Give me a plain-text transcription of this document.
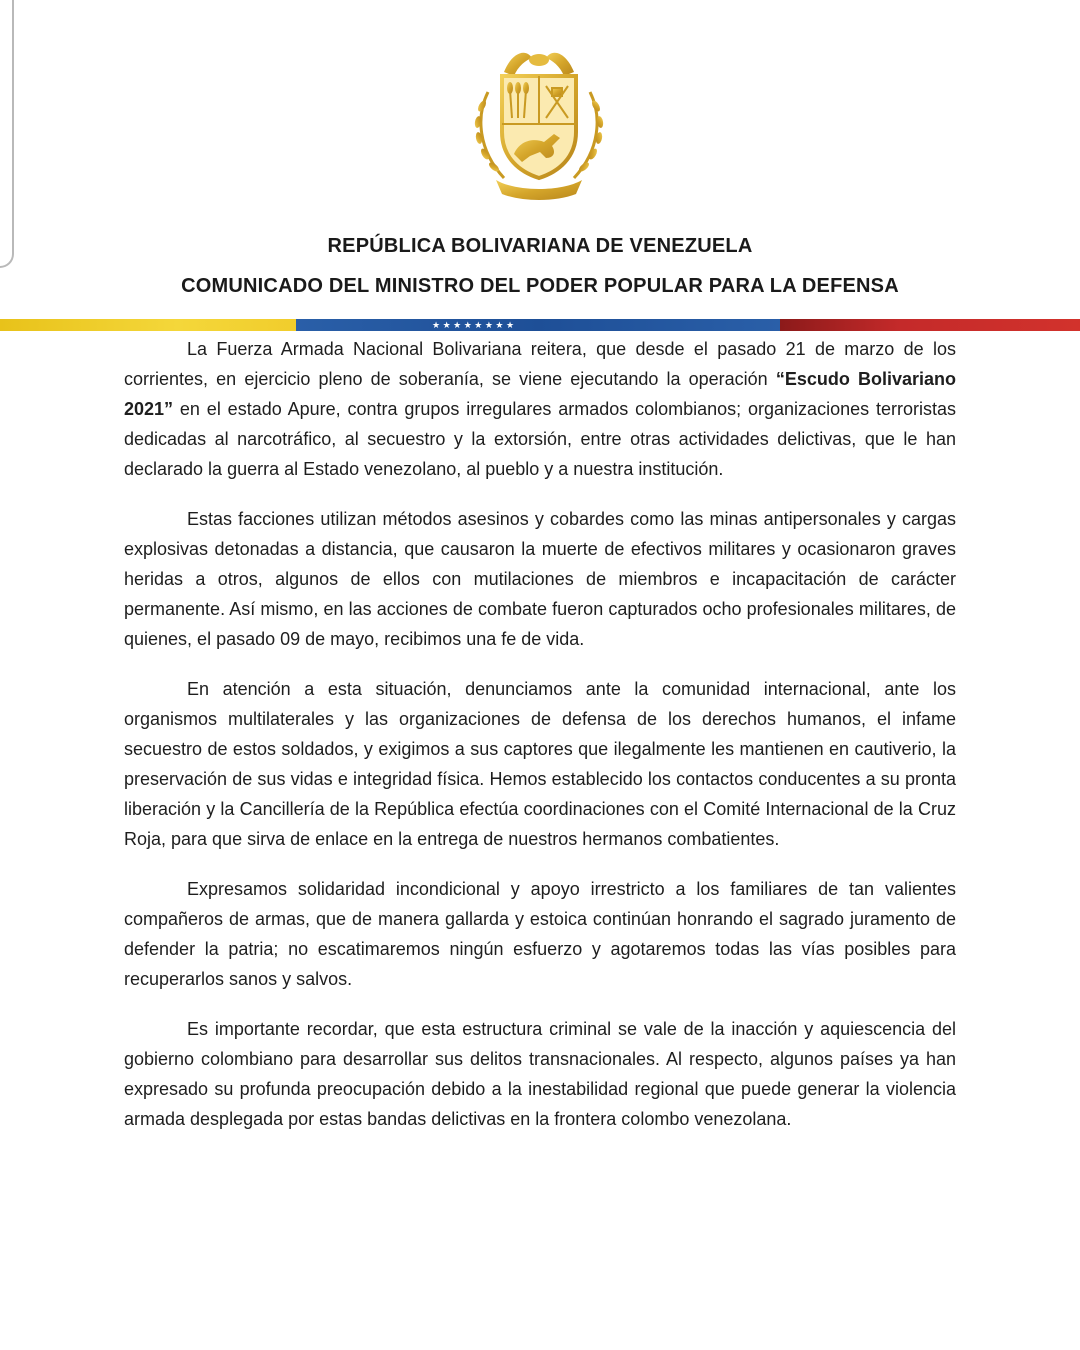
REPÚBLICA BOLIVARIANA DE VENEZUELA
COMUNICADO DEL MINISTRO DEL PODER POPULAR PARA LA DEFENSA
★ ★ ★ ★ ★ ★ ★ ★

La Fuerza Armada Nacional Bolivariana reitera, que desde el pasado 21 de marzo de los corrientes, en ejercicio pleno de soberanía, se viene ejecutando la operación “Escudo Bolivariano 2021” en el estado Apure, contra grupos irregulares armados colombianos; organizaciones terroristas dedicadas al narcotráfico, al secuestro y la extorsión, entre otras actividades delictivas, que le han declarado la guerra al Estado venezolano, al pueblo y a nuestra institución.

Estas facciones utilizan métodos asesinos y cobardes como las minas antipersonales y cargas explosivas detonadas a distancia, que causaron la muerte de efectivos militares y ocasionaron graves heridas a otros, algunos de ellos con mutilaciones de miembros e incapacitación de carácter permanente. Así mismo, en las acciones de combate fueron capturados ocho profesionales militares, de quienes, el pasado 09 de mayo, recibimos una fe de vida.

En atención a esta situación, denunciamos ante la comunidad internacional, ante los organismos multilaterales y las organizaciones de defensa de los derechos humanos, el infame secuestro de estos soldados, y exigimos a sus captores que ilegalmente les mantienen en cautiverio, la preservación de sus vidas e integridad física. Hemos establecido los contactos conducentes a su pronta liberación y la Cancillería de la República efectúa coordinaciones con el Comité Internacional de la Cruz Roja, para que sirva de enlace en la entrega de nuestros hermanos combatientes.

Expresamos solidaridad incondicional y apoyo irrestricto a los familiares de tan valientes compañeros de armas, que de manera gallarda y estoica continúan honrando el sagrado juramento de defender la patria; no escatimaremos ningún esfuerzo y agotaremos todas las vías posibles para recuperarlos sanos y salvos.

Es importante recordar, que esta estructura criminal se vale de la inacción y aquiescencia del gobierno colombiano para desarrollar sus delitos transnacionales. Al respecto, algunos países ya han expresado su profunda preocupación debido a la inestabilidad regional que puede generar la violencia armada desplegada por estas bandas delictivas en la frontera colombo venezolana.
